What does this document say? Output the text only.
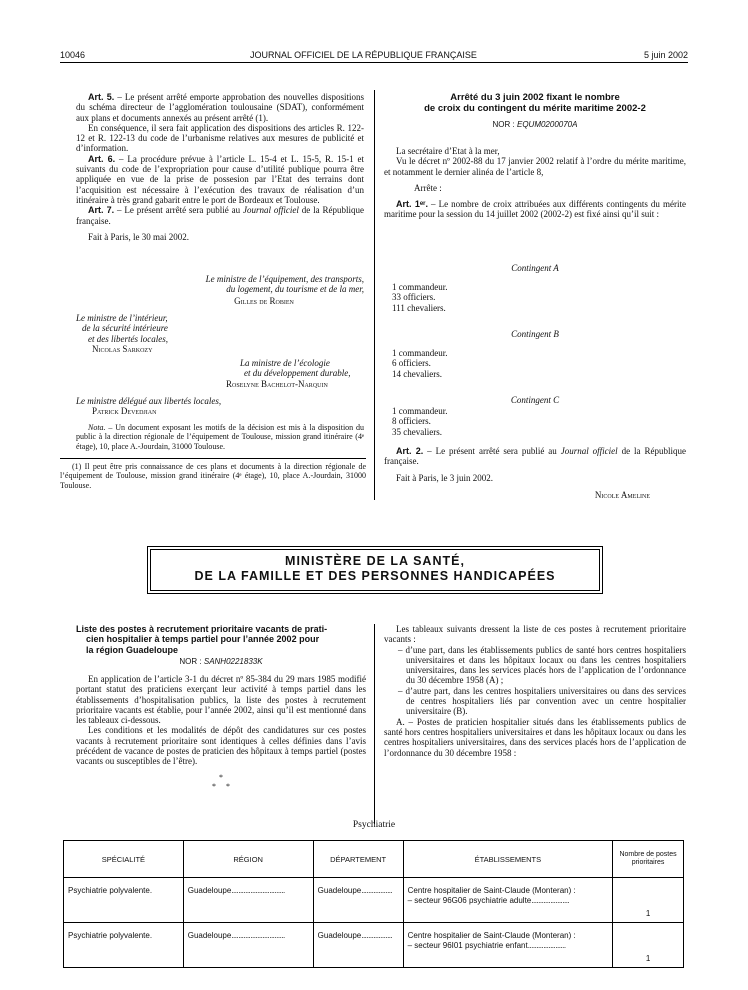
10046	JOURNAL OFFICIEL DE LA RÉPUBLIQUE FRANÇAISE	5 juin 2002

Art. 5. – Le présent arrêté emporte approbation des nouvelles dispositions du schéma directeur de l’agglomération toulousaine (SDAT), conformément aux plans et documents annexés au présent arrêté (1).

En conséquence, il sera fait application des dispositions des articles R. 122-12 et R. 122-13 du code de l’urbanisme relatives aux mesures de publicité et d’information.

Art. 6. – La procédure prévue à l’article L. 15-4 et L. 15-5, R. 15-1 et suivants du code de l’expropriation pour cause d’utilité publique pourra être appliquée en vue de la prise de possesion par l’Etat des terrains dont l’acquisition est nécessaire à l’exécution des travaux de réalisation d’un itinéraire à très grand gabarit entre le port de Bordeaux et Toulouse.

Art. 7. – Le présent arrêté sera publié au Journal officiel de la République française.

Fait à Paris, le 30 mai 2002.

Le ministre de l’équipement, des transports,
du logement, du tourisme et de la mer,
Gilles de Robien
Le ministre de l’intérieur,
de la sécurité intérieure
et des libertés locales,
Nicolas Sarkozy
La ministre de l’écologie
et du développement durable,
Roselyne Bachelot-Narquin
Le ministre délégué aux libertés locales,
Patrick Devedjian

Nota. – Un document exposant les motifs de la décision est mis à la disposition du public à la direction régionale de l’équipement de Toulouse, mission grand itinéraire (4ᵉ étage), 10, place A.-Jourdain, 31000 Toulouse.

(1) Il peut être pris connaissance de ces plans et documents à la direction régionale de l’équipement de Toulouse, mission grand itinéraire (4ᵉ étage), 10, place A.-Jourdain, 31000 Toulouse.

Arrêté du 3 juin 2002 fixant le nombre
de croix du contingent du mérite maritime 2002-2
NOR : EQUM0200070A

La secrétaire d’Etat à la mer,

Vu le décret nº 2002-88 du 17 janvier 2002 relatif à l’ordre du mérite maritime, et notamment le dernier alinéa de l’article 8,

Arrête :

Art. 1ᵉʳ. – Le nombre de croix attribuées aux différents contingents du mérite maritime pour la session du 14 juillet 2002 (2002-2) est fixé ainsi qu’il suit :

Contingent A
1 commandeur.
33 officiers.
111 chevaliers.
Contingent B
1 commandeur.
6 officiers.
14 chevaliers.
Contingent C
1 commandeur.
8 officiers.
35 chevaliers.

Art. 2. – Le présent arrêté sera publié au Journal officiel de la République française.

Fait à Paris, le 3 juin 2002.

Nicole Ameline
MINISTÈRE DE LA SANTÉ,
DE LA FAMILLE ET DES PERSONNES HANDICAPÉES
Liste des postes à recrutement prioritaire vacants de prati-
cien hospitalier à temps partiel pour l’année 2002 pour
la région Guadeloupe
NOR : SANH0221833K

En application de l’article 3-1 du décret nº 85-384 du 29 mars 1985 modifié portant statut des praticiens exerçant leur activité à temps partiel dans les établissements d’hospitalisation publics, la liste des postes à recrutement prioritaire vacants est établie, pour l’année 2002, ainsi qu’il est mentionné dans les tableaux ci-dessous.

Les conditions et les modalités de dépôt des candidatures sur ces postes vacants à recrutement prioritaire sont identiques à celles définies dans l’avis précédent de vacance de postes de praticien des hôpitaux à temps partiel (postes vacants ou susceptibles de l’être).

*
*     *

Les tableaux suivants dressent la liste de ces postes à recrutement prioritaire vacants :

– d’une part, dans les établissements publics de santé hors centres hospitaliers universitaires et dans les hôpitaux locaux ou dans les centres hospitaliers universitaires, dans les services placés hors de l’application de l’ordonnance du 30 décembre 1958 (A) ;

– d’autre part, dans les centres hospitaliers universitaires ou dans des services de centres hospitaliers liés par convention avec un centre hospitalier universitaire (B).

A. – Postes de praticien hospitalier situés dans les établissements publics de santé hors centres hospitaliers universitaires et dans les hôpitaux locaux ou dans les centres hospitaliers universitaires, dans des services placés hors de l’application de l’ordonnance du 30 décembre 1958 :

Psychiatrie
SPÉCIALITÉ	RÉGION	DÉPARTEMENT	ÉTABLISSEMENTS	Nombre de postes prioritaires
Psychiatrie polyvalente.	Guadeloupe...............................	Guadeloupe..................	Centre hospitalier de Saint-Claude (Monteran) :
– secteur 96G06 psychiatrie adulte......................	1
Psychiatrie polyvalente.	Guadeloupe...............................	Guadeloupe..................	Centre hospitalier de Saint-Claude (Monteran) :
– secteur 96I01 psychiatrie enfant......................	1
